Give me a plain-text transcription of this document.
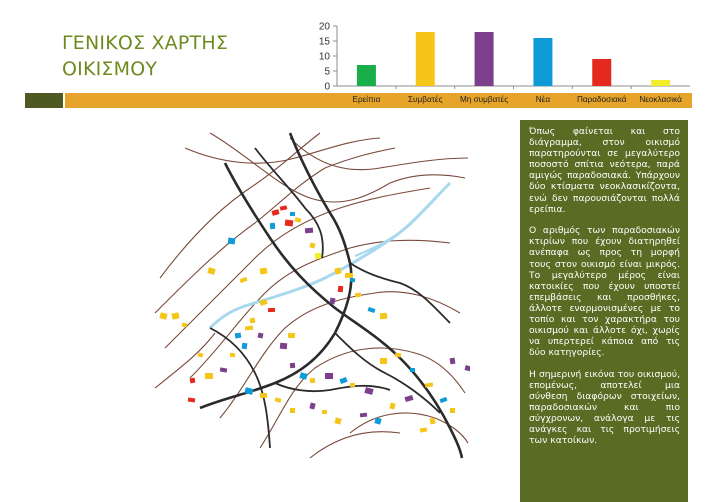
ΓΕΝΙΚΟΣ ΧΑΡΤΗΣ
ΟΙΚΙΣΜΟΥ
0
5
10
15
20
Ερείπια	Συμβατές Μη συμβατές	Νέα	Παραδοσιακά Νεοκλασικά

Όπως φαίνεται και στο διάγραμμα, στον οικισμό παρατηρούνται σε μεγαλύτερο ποσοστό σπίτια νεότερα, παρά αμιγώς παραδοσιακά. Υπάρχουν δύο κτίσματα νεοκλασικίζοντα, ενώ δεν παρουσιάζονται πολλά ερείπια.

Ο αριθμός των παραδοσιακών κτιρίων που έχουν διατηρηθεί ανέπαφα ως προς τη μορφή τους στον οικισμό είναι μικρός. Το μεγαλύτερο μέρος είναι κατοικίες που έχουν υποστεί επεμβάσεις και προσθήκες, άλλοτε εναρμονισμένες με το τοπίο και τον χαρακτήρα του οικισμού και άλλοτε όχι, χωρίς να υπερτερεί κάποια από τις δύο κατηγορίες.

Η σημερινή εικόνα του οικισμού, επομένως, αποτελεί μια σύνθεση διαφόρων στοιχείων, παραδοσιακών και πιο σύγχρονων, ανάλογα με τις ανάγκες και τις προτιμήσεις των κατοίκων.
